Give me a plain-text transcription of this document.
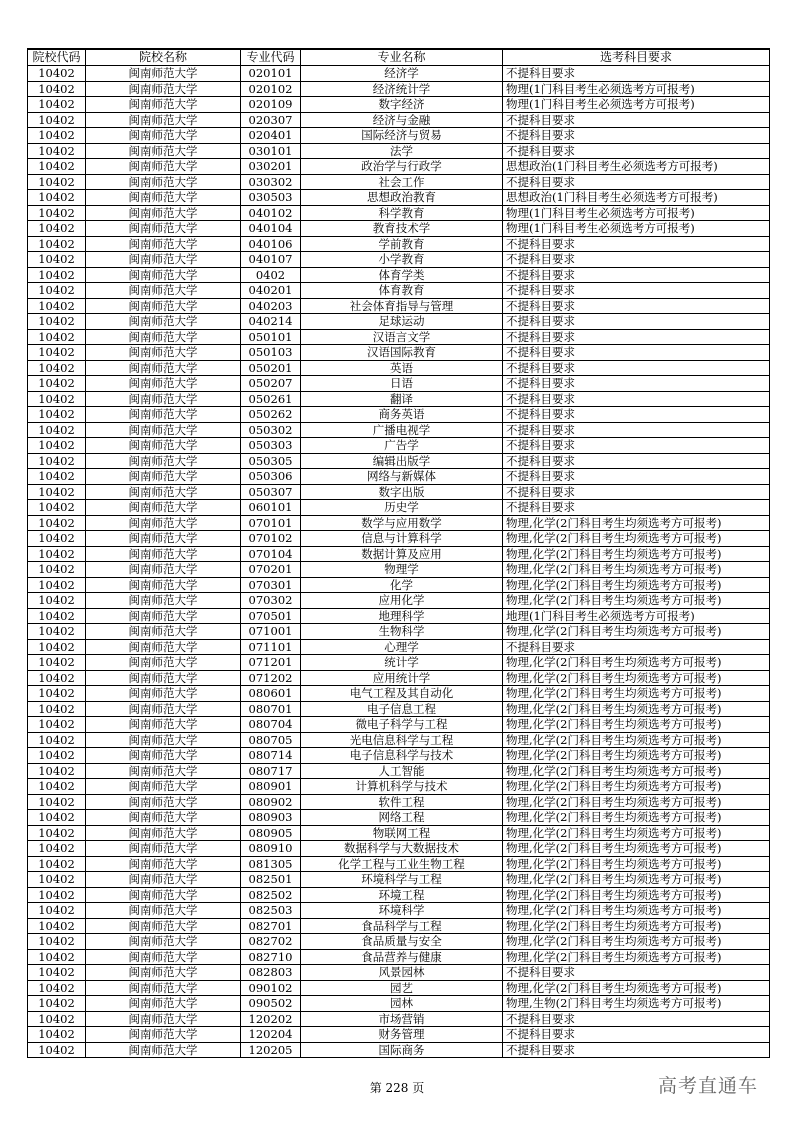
院校代码	院校名称	专业代码	专业名称	选考科目要求
10402	闽南师范大学	020101	经济学	不提科目要求
10402	闽南师范大学	020102	经济统计学	物理(1门科目考生必须选考方可报考)
10402	闽南师范大学	020109	数字经济	物理(1门科目考生必须选考方可报考)
10402	闽南师范大学	020307	经济与金融	不提科目要求
10402	闽南师范大学	020401	国际经济与贸易	不提科目要求
10402	闽南师范大学	030101	法学	不提科目要求
10402	闽南师范大学	030201	政治学与行政学	思想政治(1门科目考生必须选考方可报考)
10402	闽南师范大学	030302	社会工作	不提科目要求
10402	闽南师范大学	030503	思想政治教育	思想政治(1门科目考生必须选考方可报考)
10402	闽南师范大学	040102	科学教育	物理(1门科目考生必须选考方可报考)
10402	闽南师范大学	040104	教育技术学	物理(1门科目考生必须选考方可报考)
10402	闽南师范大学	040106	学前教育	不提科目要求
10402	闽南师范大学	040107	小学教育	不提科目要求
10402	闽南师范大学	0402	体育学类	不提科目要求
10402	闽南师范大学	040201	体育教育	不提科目要求
10402	闽南师范大学	040203	社会体育指导与管理	不提科目要求
10402	闽南师范大学	040214	足球运动	不提科目要求
10402	闽南师范大学	050101	汉语言文学	不提科目要求
10402	闽南师范大学	050103	汉语国际教育	不提科目要求
10402	闽南师范大学	050201	英语	不提科目要求
10402	闽南师范大学	050207	日语	不提科目要求
10402	闽南师范大学	050261	翻译	不提科目要求
10402	闽南师范大学	050262	商务英语	不提科目要求
10402	闽南师范大学	050302	广播电视学	不提科目要求
10402	闽南师范大学	050303	广告学	不提科目要求
10402	闽南师范大学	050305	编辑出版学	不提科目要求
10402	闽南师范大学	050306	网络与新媒体	不提科目要求
10402	闽南师范大学	050307	数字出版	不提科目要求
10402	闽南师范大学	060101	历史学	不提科目要求
10402	闽南师范大学	070101	数学与应用数学	物理,化学(2门科目考生均须选考方可报考)
10402	闽南师范大学	070102	信息与计算科学	物理,化学(2门科目考生均须选考方可报考)
10402	闽南师范大学	070104	数据计算及应用	物理,化学(2门科目考生均须选考方可报考)
10402	闽南师范大学	070201	物理学	物理,化学(2门科目考生均须选考方可报考)
10402	闽南师范大学	070301	化学	物理,化学(2门科目考生均须选考方可报考)
10402	闽南师范大学	070302	应用化学	物理,化学(2门科目考生均须选考方可报考)
10402	闽南师范大学	070501	地理科学	地理(1门科目考生必须选考方可报考)
10402	闽南师范大学	071001	生物科学	物理,化学(2门科目考生均须选考方可报考)
10402	闽南师范大学	071101	心理学	不提科目要求
10402	闽南师范大学	071201	统计学	物理,化学(2门科目考生均须选考方可报考)
10402	闽南师范大学	071202	应用统计学	物理,化学(2门科目考生均须选考方可报考)
10402	闽南师范大学	080601	电气工程及其自动化	物理,化学(2门科目考生均须选考方可报考)
10402	闽南师范大学	080701	电子信息工程	物理,化学(2门科目考生均须选考方可报考)
10402	闽南师范大学	080704	微电子科学与工程	物理,化学(2门科目考生均须选考方可报考)
10402	闽南师范大学	080705	光电信息科学与工程	物理,化学(2门科目考生均须选考方可报考)
10402	闽南师范大学	080714	电子信息科学与技术	物理,化学(2门科目考生均须选考方可报考)
10402	闽南师范大学	080717	人工智能	物理,化学(2门科目考生均须选考方可报考)
10402	闽南师范大学	080901	计算机科学与技术	物理,化学(2门科目考生均须选考方可报考)
10402	闽南师范大学	080902	软件工程	物理,化学(2门科目考生均须选考方可报考)
10402	闽南师范大学	080903	网络工程	物理,化学(2门科目考生均须选考方可报考)
10402	闽南师范大学	080905	物联网工程	物理,化学(2门科目考生均须选考方可报考)
10402	闽南师范大学	080910	数据科学与大数据技术	物理,化学(2门科目考生均须选考方可报考)
10402	闽南师范大学	081305	化学工程与工业生物工程	物理,化学(2门科目考生均须选考方可报考)
10402	闽南师范大学	082501	环境科学与工程	物理,化学(2门科目考生均须选考方可报考)
10402	闽南师范大学	082502	环境工程	物理,化学(2门科目考生均须选考方可报考)
10402	闽南师范大学	082503	环境科学	物理,化学(2门科目考生均须选考方可报考)
10402	闽南师范大学	082701	食品科学与工程	物理,化学(2门科目考生均须选考方可报考)
10402	闽南师范大学	082702	食品质量与安全	物理,化学(2门科目考生均须选考方可报考)
10402	闽南师范大学	082710	食品营养与健康	物理,化学(2门科目考生均须选考方可报考)
10402	闽南师范大学	082803	风景园林	不提科目要求
10402	闽南师范大学	090102	园艺	物理,化学(2门科目考生均须选考方可报考)
10402	闽南师范大学	090502	园林	物理,生物(2门科目考生均须选考方可报考)
10402	闽南师范大学	120202	市场营销	不提科目要求
10402	闽南师范大学	120204	财务管理	不提科目要求
10402	闽南师范大学	120205	国际商务	不提科目要求
第 228 页	高考直通车
